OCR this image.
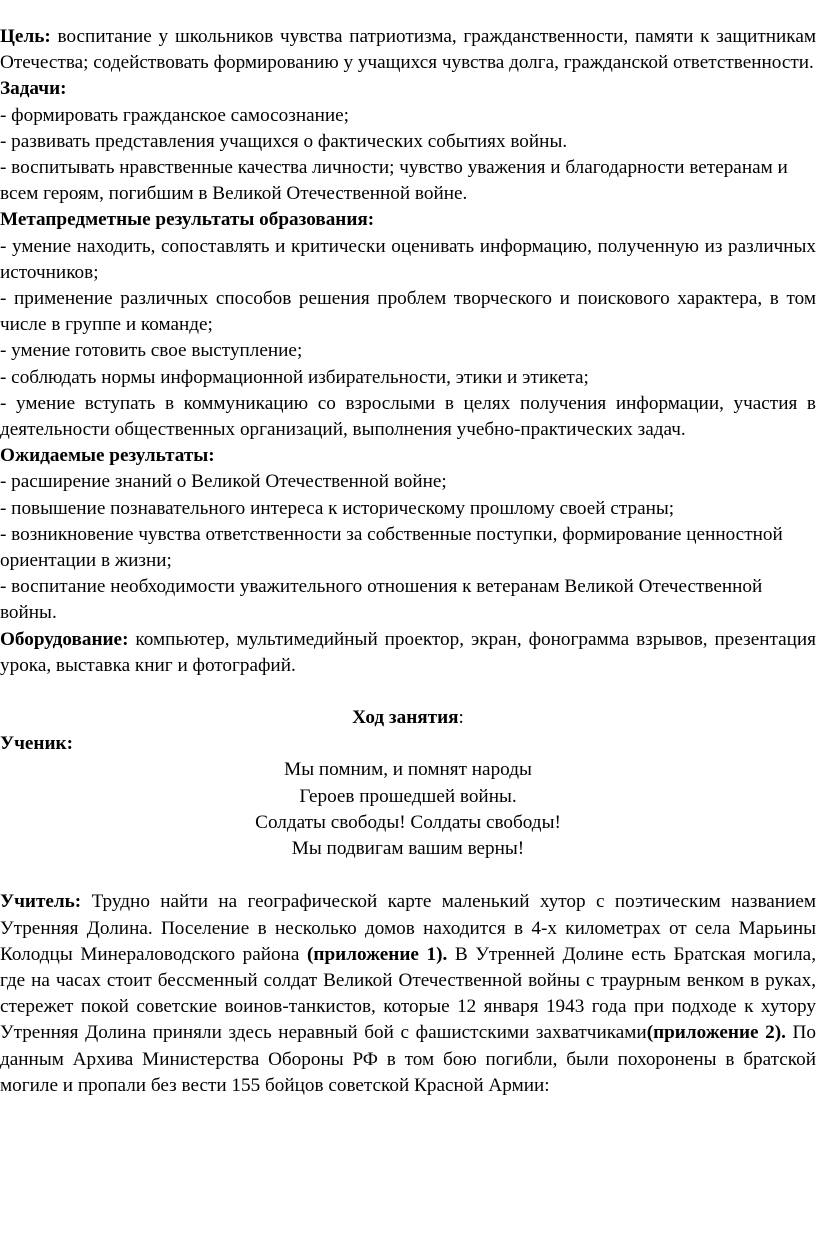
Цель: воспитание у школьников чувства патриотизма, гражданственности, памяти к защитникам Отечества; содействовать формированию у учащихся чувства долга, гражданской ответственности.

Задачи:

- формировать гражданское самосознание;

- развивать представления учащихся о фактических событиях войны.

- воспитывать нравственные качества личности; чувство уважения и благодарности ветеранам и всем героям, погибшим в Великой Отечественной войне.

Метапредметные результаты образования:

- умение находить, сопоставлять и критически оценивать информацию, полученную из различных источников;

- применение различных способов решения проблем творческого и поискового характера, в том числе в группе и команде;

- умение готовить свое выступление;

- соблюдать нормы информационной избирательности, этики и этикета;

- умение вступать в коммуникацию со взрослыми в целях получения информации, участия в деятельности общественных организаций, выполнения учебно-практических задач.

Ожидаемые результаты:

- расширение знаний о Великой Отечественной войне;

- повышение познавательного интереса к историческому прошлому своей страны;

- возникновение чувства ответственности за собственные поступки, формирование ценностной ориентации в жизни;

- воспитание необходимости уважительного отношения к ветеранам Великой Отечественной войны.

Оборудование: компьютер, мультимедийный проектор, экран, фонограмма взрывов, презентация урока, выставка книг и фотографий.

Ход занятия:

Ученик:

Мы помним, и помнят народы

Героев прошедшей войны.

Солдаты свободы! Солдаты свободы!

Мы подвигам вашим верны!

Учитель: Трудно найти на географической карте маленький хутор с поэтическим названием Утренняя Долина. Поселение в несколько домов находится в 4-х километрах от села Марьины Колодцы Минераловодского района (приложение 1). В Утренней Долине есть Братская могила, где на часах стоит бессменный солдат Великой Отечественной войны с траурным венком в руках, стережет покой советские воинов-танкистов, которые 12 января 1943 года при подходе к хутору Утренняя Долина приняли здесь неравный бой с фашистскими захватчиками(приложение 2). По данным Архива Министерства Обороны РФ в том бою погибли, были похоронены в братской могиле и пропали без вести 155 бойцов советской Красной Армии:
